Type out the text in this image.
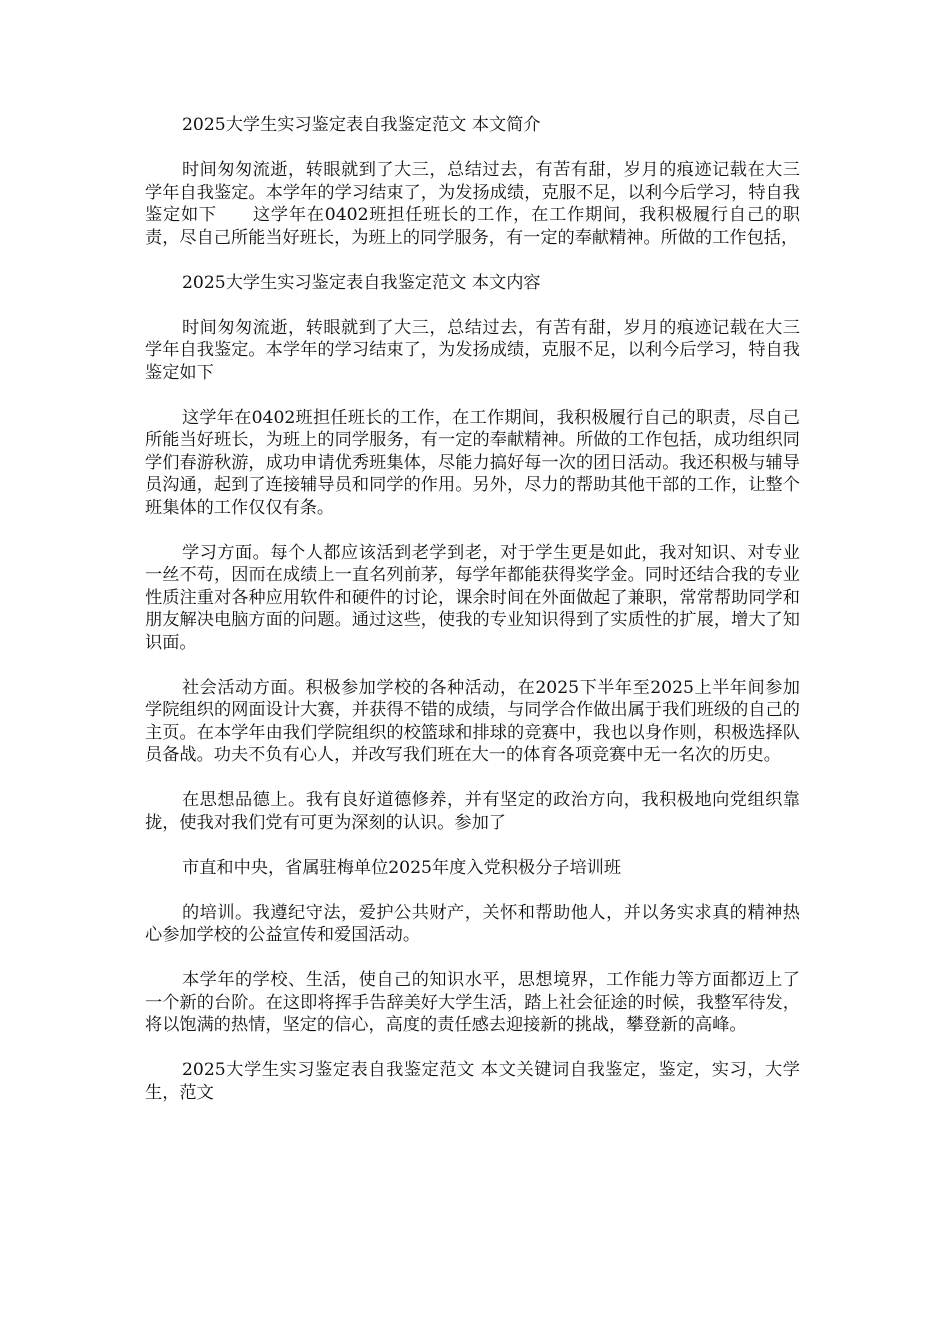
2025大学生实习鉴定表自我鉴定范文 本文简介

时间匆匆流逝，转眼就到了大三，总结过去，有苦有甜，岁月的痕迹记载在大三学年自我鉴定。本学年的学习结束了，为发扬成绩，克服不足，以利今后学习，特自我鉴定如下　　这学年在0402班担任班长的工作，在工作期间，我积极履行自己的职责，尽自己所能当好班长，为班上的同学服务，有一定的奉献精神。所做的工作包括，

2025大学生实习鉴定表自我鉴定范文 本文内容

时间匆匆流逝，转眼就到了大三，总结过去，有苦有甜，岁月的痕迹记载在大三学年自我鉴定。本学年的学习结束了，为发扬成绩，克服不足，以利今后学习，特自我鉴定如下

这学年在0402班担任班长的工作，在工作期间，我积极履行自己的职责，尽自己所能当好班长，为班上的同学服务，有一定的奉献精神。所做的工作包括，成功组织同学们春游秋游，成功申请优秀班集体，尽能力搞好每一次的团日活动。我还积极与辅导员沟通，起到了连接辅导员和同学的作用。另外，尽力的帮助其他干部的工作，让整个班集体的工作仅仅有条。

学习方面。每个人都应该活到老学到老，对于学生更是如此，我对知识、对专业一丝不苟，因而在成绩上一直名列前茅，每学年都能获得奖学金。同时还结合我的专业性质注重对各种应用软件和硬件的讨论，课余时间在外面做起了兼职，常常帮助同学和朋友解决电脑方面的问题。通过这些，使我的专业知识得到了实质性的扩展，增大了知识面。

社会活动方面。积极参加学校的各种活动，在2025下半年至2025上半年间参加学院组织的网面设计大赛，并获得不错的成绩，与同学合作做出属于我们班级的自己的主页。在本学年由我们学院组织的校篮球和排球的竞赛中，我也以身作则，积极选择队员备战。功夫不负有心人，并改写我们班在大一的体育各项竞赛中无一名次的历史。

在思想品德上。我有良好道德修养，并有坚定的政治方向，我积极地向党组织靠拢，使我对我们党有可更为深刻的认识。参加了

市直和中央，省属驻梅单位2025年度入党积极分子培训班

的培训。我遵纪守法，爱护公共财产，关怀和帮助他人，并以务实求真的精神热心参加学校的公益宣传和爱国活动。

本学年的学校、生活，使自己的知识水平，思想境界，工作能力等方面都迈上了一个新的台阶。在这即将挥手告辞美好大学生活，踏上社会征途的时候，我整军待发，将以饱满的热情，坚定的信心，高度的责任感去迎接新的挑战，攀登新的高峰。

2025大学生实习鉴定表自我鉴定范文 本文关键词自我鉴定，鉴定，实习，大学生，范文
